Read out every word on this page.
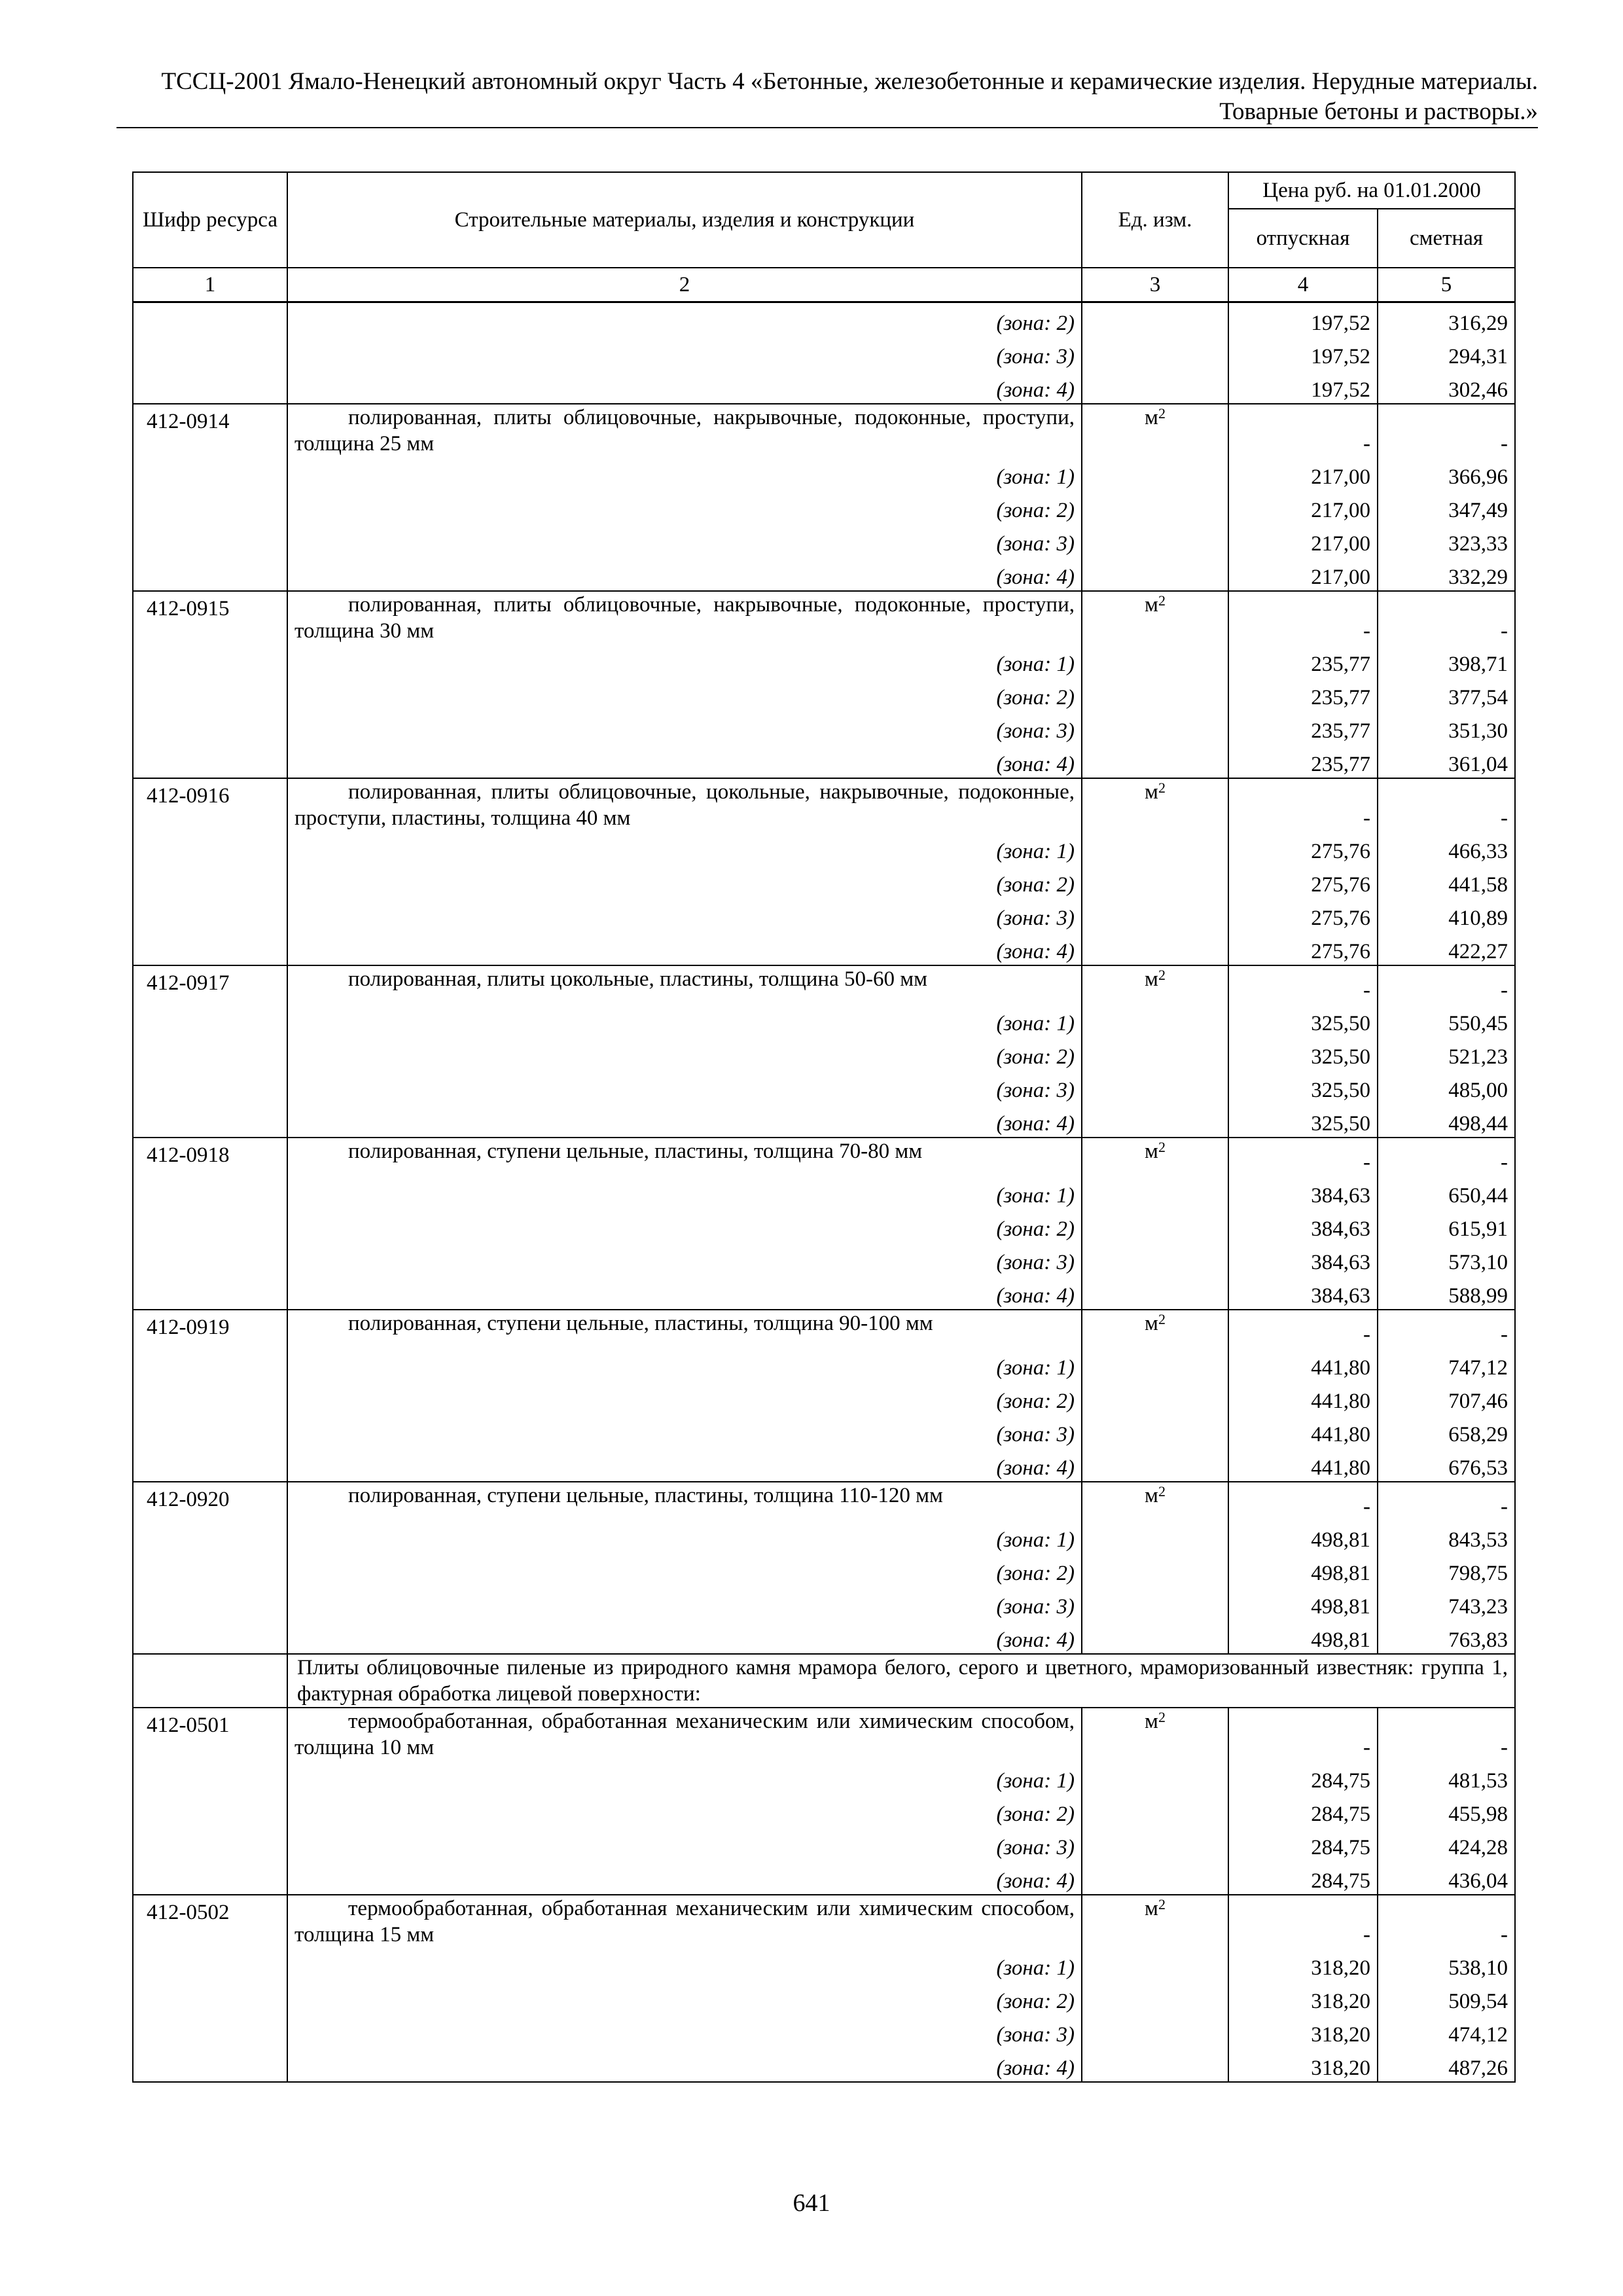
ТССЦ-2001 Ямало-Ненецкий автономный округ Часть 4 «Бетонные, железобетонные и керамические изделия. Нерудные материалы.
Товарные бетоны и растворы.»
Шифр ресурса	Строительные материалы, изделия и конструкции	Ед. изм.	Цена руб. на 01.01.2000	
			отпускная	сметная
1	2	3	4	5
	(зона: 2)		197,52	316,29
	(зона: 3)		197,52	294,31
	(зона: 4)		197,52	302,46
412-0914	полированная, плиты облицовочные, накрывочные, подоконные, проступи, толщина 25 мм	$м^2$	-	-
	(зона: 1)		217,00	366,96
	(зона: 2)		217,00	347,49
	(зона: 3)		217,00	323,33
	(зона: 4)		217,00	332,29
412-0915	полированная, плиты облицовочные, накрывочные, подоконные, проступи, толщина 30 мм	$м^2$	-	-
	(зона: 1)		235,77	398,71
	(зона: 2)		235,77	377,54
	(зона: 3)		235,77	351,30
	(зона: 4)		235,77	361,04
412-0916	полированная, плиты облицовочные, цокольные, накрывочные, подоконные, проступи, пластины, толщина 40 мм	$м^2$	-	-
	(зона: 1)		275,76	466,33
	(зона: 2)		275,76	441,58
	(зона: 3)		275,76	410,89
	(зона: 4)		275,76	422,27
412-0917	полированная, плиты цокольные, пластины, толщина 50-60 мм	$м^2$	-	-
	(зона: 1)		325,50	550,45
	(зона: 2)		325,50	521,23
	(зона: 3)		325,50	485,00
	(зона: 4)		325,50	498,44
412-0918	полированная, ступени цельные, пластины, толщина 70-80 мм	$м^2$	-	-
	(зона: 1)		384,63	650,44
	(зона: 2)		384,63	615,91
	(зона: 3)		384,63	573,10
	(зона: 4)		384,63	588,99
412-0919	полированная, ступени цельные, пластины, толщина 90-100 мм	$м^2$	-	-
	(зона: 1)		441,80	747,12
	(зона: 2)		441,80	707,46
	(зона: 3)		441,80	658,29
	(зона: 4)		441,80	676,53
412-0920	полированная, ступени цельные, пластины, толщина 110-120 мм	$м^2$	-	-
	(зона: 1)		498,81	843,53
	(зона: 2)		498,81	798,75
	(зона: 3)		498,81	743,23
	(зона: 4)		498,81	763,83
	Плиты облицовочные пиленые из природного камня мрамора белого, серого и цветного, мраморизованный известняк: группа 1, фактурная обработка лицевой поверхности:			
412-0501	термообработанная, обработанная механическим или химическим способом, толщина 10 мм	$м^2$	-	-
	(зона: 1)		284,75	481,53
	(зона: 2)		284,75	455,98
	(зона: 3)		284,75	424,28
	(зона: 4)		284,75	436,04
412-0502	термообработанная, обработанная механическим или химическим способом, толщина 15 мм	$м^2$	-	-
	(зона: 1)		318,20	538,10
	(зона: 2)		318,20	509,54
	(зона: 3)		318,20	474,12
	(зона: 4)		318,20	487,26
641
